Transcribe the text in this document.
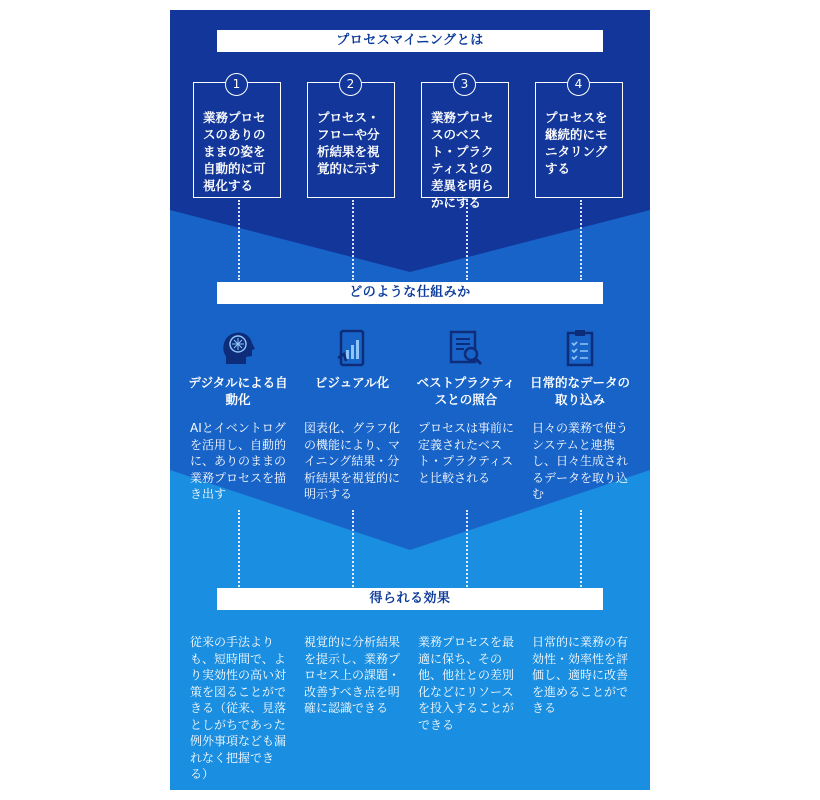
プロセスマイニングとは
1
業務プロセスのありのままの姿を自動的に可視化する
2
プロセス・フローや分析結果を視覚的に示す
3
業務プロセスのベスト・プラクティスとの差異を明らかにする
4
プロセスを継続的にモニタリングする
どのような仕組みか
デジタルによる自動化
ビジュアル化	ベストプラクティスとの照合
日常的なデータの取り込み
AIとイベントログを活用し、自動的に、ありのままの業務プロセスを描き出す
図表化、グラフ化の機能により、マイニング結果・分析結果を視覚的に明示する
プロセスは事前に定義されたベスト・プラクティスと比較される
日々の業務で使うシステムと連携し、日々生成されるデータを取り込む
得られる効果
従来の手法よりも、短時間で、より実効性の高い対策を図ることができる（従来、見落としがちであった例外事項なども漏れなく把握できる）
視覚的に分析結果を提示し、業務プロセス上の課題・改善すべき点を明確に認識できる
業務プロセスを最適に保ち、その他、他社との差別化などにリソースを投入することができる
日常的に業務の有効性・効率性を評価し、適時に改善を進めることができる
